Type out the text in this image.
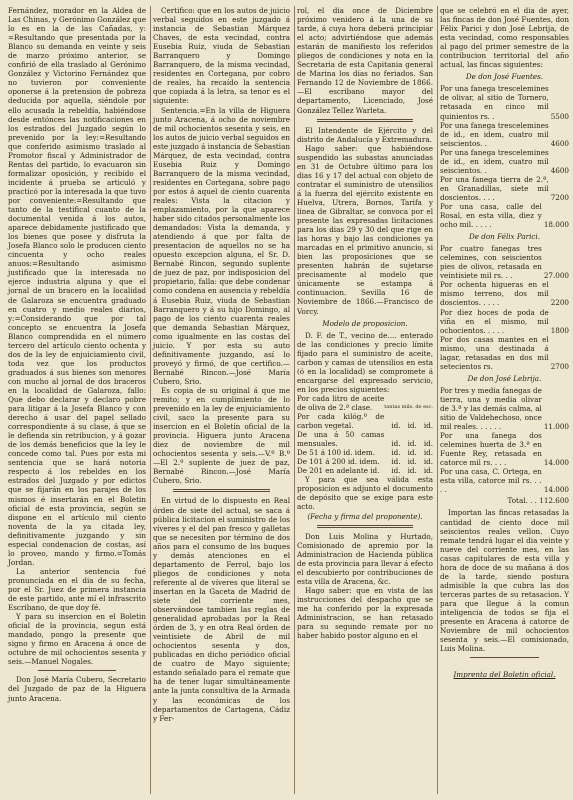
Fernández, morador en la Aldea de Las Chinas, y Gerónimo González que lo es en la de las Cañadas, y: =Resultando que presentada por la Blanco su demanda en veinte y seis de marzo próximo anterior, se confirió de ella traslado al Gerónimo González y Victorino Fernández que no tuvieron por conveniente oponerse á la pretension de pobreza deducida por aquella, siéndole por ello acusada la rebeldía, habiéndose desde entónces las notificaciones en los estrados del Juzgado según lo prevenido por la ley:=Resultando que conferido asimismo traslado al Promotor fiscal y Administrador de Rentas del partido, lo evacuaron sin formalizar oposición, y recibido el incidente á prueba se articuló y practicó por la interesada la que tuvo por conveniente:=Resultando que tanto de la testifical cuanto de la documental venida á los autos, aparece debidamente justificado que los bienes que posee y disfruta la Josefa Blanco solo le producen ciento cincuenta y ocho reales anuos:=Resultando asimismo justificado que la interesada no ejerce industria alguna y que el jornal de un bracero en la localidad de Galaroza se encuentra graduado en cuatro y medio reales diarios, y:=Considerando que por tal concepto se encuentra la Josefa Blanco comprendida en el número tercero del artículo ciento ochenta y dos de la ley de enjuiciamiento civil, toda vez que los productos graduados á sus bienes son menores con mucho al jornal de dos braceros en la localidad de Galaroza, fallo: Que debo declarar y declaro pobre para litigar á la Josefa Blanco y con derecho á usar del papel sellado correspondiente á su clase, á que se le defienda sin retribucion, y á gozar de los demás beneficios que la ley le concede como tal. Pues por esta mi sentencia que se hará notoria respecto á los rebeldes en los estrados del Juzgado y por edictos que se fijarán en los parajes de los mismos é insertarán en el Boletin oficial de esta provincia, según se dispone en el artículo mil ciento noventa de la ya citada ley, definitivamente juzgando y sin especial condenacion de costas, así lo proveo, mando y firmo.=Tomás Jordan.

La anterior sentencia fué pronunciada en el dia de su fecha, por el Sr. Juez de primera instancia de este partido, ante mí el infrascrito Escribano, de que doy fé.

Y para su insercion en el Boletin oficial de la provincia, segun está mandado, pongo la presente que signo y firmo en Aracena á once de octubre de mil ochocientos sesenta y seis.—Manuel Nogales.

Don José María Cubero, Secretario del Juzgado de paz de la Higuera junto Aracena.

Certifico: que en los autos de juicio verbal seguidos en este juzgado á instancia de Sebastian Márquez Chaves, de esta vecindad, contra Eusebia Ruiz, viuda de Sebastian Barranquero y Domingo Barranquero, de la misma vecindad, residentes en Cortegana, por cobro de reales, ha recaído la sentencia que copiada á la letra, sa tenor es el siguiente:

Sentencia.=En la villa de Higuera junto Aracena, á ocho de noviembre de mil ochocientos sesenta y seis, en los autos de juicio verbal seguidos en este juzgado á instancia de Sebastian Márquez, de esta vecindad, contra Eusebia Ruiz y Domingo Barranquero de la misma vecindad, residentes en Cortegana, sobre pago por estos á aquel de ciento cuarenta reales: Vista la citacion y emplazamiento, por la que aparece haber sido citados personalmente los demandados: Vista la demanda, y atendiendo á que por falta de presentacion de aquellos no se ha opuesto excepcion alguna, el Sr. D. Bernabé Rincon, segundo suplente de juez de paz, por indisposicion del propietario, falla: que debe condenar como condena en ausencia y rebeldía á Eusebia Ruiz, viuda de Sebastian Barranquero y á su hijo Domingo, al pago de los ciento cuarenta reales que demanda Sebastian Márquez, como igualmente en las costas del juicio. Y por esta su auto definitivamente juzgando, así lo proveyó y firmó, de que certifico.—Bernabé Rincon.—José María Cubero, Srio.

Es copia de su original á que me remito; y en cumplimiento de lo prevenido en la ley de enjuiciamiento civil, saco la presente para su insercion en el Boletín oficial de la provincia. Higuera junto Aracena diez de noviembre de mil ochocientos sesenta y seis.—V.º B.º —El 2.º suplente de juez de paz, Bernabé Rincon.—José María Cubero, Srio.

En virtud de lo dispuesto en Real órden de siete del actual, se saca á pública licitacion el suministro de los víveres y el del pan fresco y galletas que se necesiten por término de dos años para el consumo de los buques y demás atenciones en el departamento de Ferrol, bajo los pliegos de condiciones y nota referente al de víveres que literal se insertan en la Gaceta de Madrid de siete del corriente mes, observándose tambien las reglas de generalidad aprobadas por la Real órden de 3, y en otra Real órden de veintisiete de Abril de mil ochocientos sesenta y dos, publicadas en dicho periódico oficial de cuatro de Mayo siguiente; estando señalado para el remate que ha de tener lugar simultáneamente ante la junta consultiva de la Armada y las económicas de los departamentos de Cartagena, Cádiz y Fer-

rol, el dia once de Diciembre próximo venidero á la una de su tarde, á cuya hora deberá principiar el acto; advirtiéndose que además estarán de manifiesto los referidos pliegos de condiciones y nota en la Secretaria de esta Capitania general de Marina los dias no feriados. San Fernando 12 de Noviembre de 1866.—El escribano mayor del departamento, Licenciado, José González Tellez Warleta.

El Intendente de Ejército y del distrito de Andalucía y Extremadura.

Hago saber: que habiéndose suspendido las subastas anunciadas en 31 de Octubre último para los dias 16 y 17 del actual con objeto de contratar el suministro de utensilios á la fuerza del ejército existente en Huelva, Utrera, Bornos, Tarifa y linea de Gibraltar, se convoca por el presente las expresadas licitaciones para los dias 29 y 30 del que rige en las horas y bajo las condiciones ya marcadas en el primitivo anuncio, si bien las proposiciones que se presenten habrán de sujetarse precisamente al modelo que únicamente se estampa á continuacion. Sevilla 16 de Noviembre de 1866.—Francisco de Vorcy.

Modelo de proposicion.

D. F. de T., vecino de.... enterado de las condiciones y precio límite fijado para el suministro de aceite, carbon y camas de utensilios en esta (ó en la localidad) se compromete á encargarse del expresado servicio, en los precios siguientes:

Por cada litro de aceite de oliva de 2.ª clase.	tantas mils. de esc.		
Por cada kilóg.º de carbon vegetal.	id.	id.	id.
De una á 50 camas mensuales.	id.	id.	id.
De 51 á 100 id. idem.	id.	id.	id.
De 101 á 200 id. idem.	id.	id.	id.
De 201 en adelante id.	id.	id.	id.

Y para que sea válida esta proposicion es adjunto el documento de depósito que se exige para este acto.

(Fecha y firma del proponente).

Don Luis Molina y Hurtado, Comisionado de apremio por la Administracion de Hacienda pública de esta provincia para llevar á efecto el descubierto por contribuciones de esta villa de Aracena, &c.

Hago saber: que en vista de las instrucciones del despacho que se me ha conferido por la expresada Administracion, se han retasado para su segundo remate por no haber habido postor alguno en el

que se celebró en el dia de ayer, las fincas de don José Fuentes, don Félix Parici y don José Lebrija, de esta vecindad, como responsables al pago del primer semestre de la contribucion territorial del año actual, las fincas siguientes:

De don José Fuentes.

Por una fanega trescelemines de olivar, al sitio de Tornero, retasada en cinco mil quinientos rs. .	5500
Por una fanega trescelemines de id., en idem, cuatro mil seiscientos. .	4600
Por una fanega trescelemines de id., en idem, cuatro mil seiscientos. .	4600
Por una fanega tierra de 2.ª, en Granadillas, siete mil doscientos. . . .	7200
Por una casa, calle del Rosal, en esta villa, diez y ocho mil. . . . .	18.000

De don Félix Parici.

Por cuatro fanegas tres celemines, con seiscientos pies de olivos, retasada en veintisiete mil rs. . .	27.000
Por ochenta higueras en el mismo terreno, dos mil doscientos. . . . .	2200
Por diez hoces de poda de viña en el mismo, mil ochocientos. . . . .	1800
Por dos casas mantes en el mismo, una destinada á lagar, retasadas en dos mil setecientos rs.	2700

De don José Lebrija.

Por tres y media fanegas de tierra, una y media olivar de 3.ª y las demás calma, al sitio de Valdehechoso, once mil reales. . . . . .	11.000
Por una fanega dos celemines huerta de 3.ª en Fuente Rey, retasada en catorce mil rs. . . .	14.000
Por una casa, C. Ortega, en esta villa, catorce mil rs. . . . .	14.000
Total. . . 112.600

Importan las fincas retasadas la cantidad de ciento doce mil seiscientos reales vellon. Cuyo remate tendrá lugar el dia veinte y nueve del corriente mes, en las casas capitulares de esta villa y hora de doce de su mañana á dos de la tarde, siendo postura admisible la que cubra las dos terceras partes de su retasacion. Y para que llegue á la comun inteligencia de todos se fija el presente en Aracena á catorce de Noviembre de mil ochocientos sesenta y seis.—El comisionado, Luis Molina.

Imprenta del Boletin oficial.
